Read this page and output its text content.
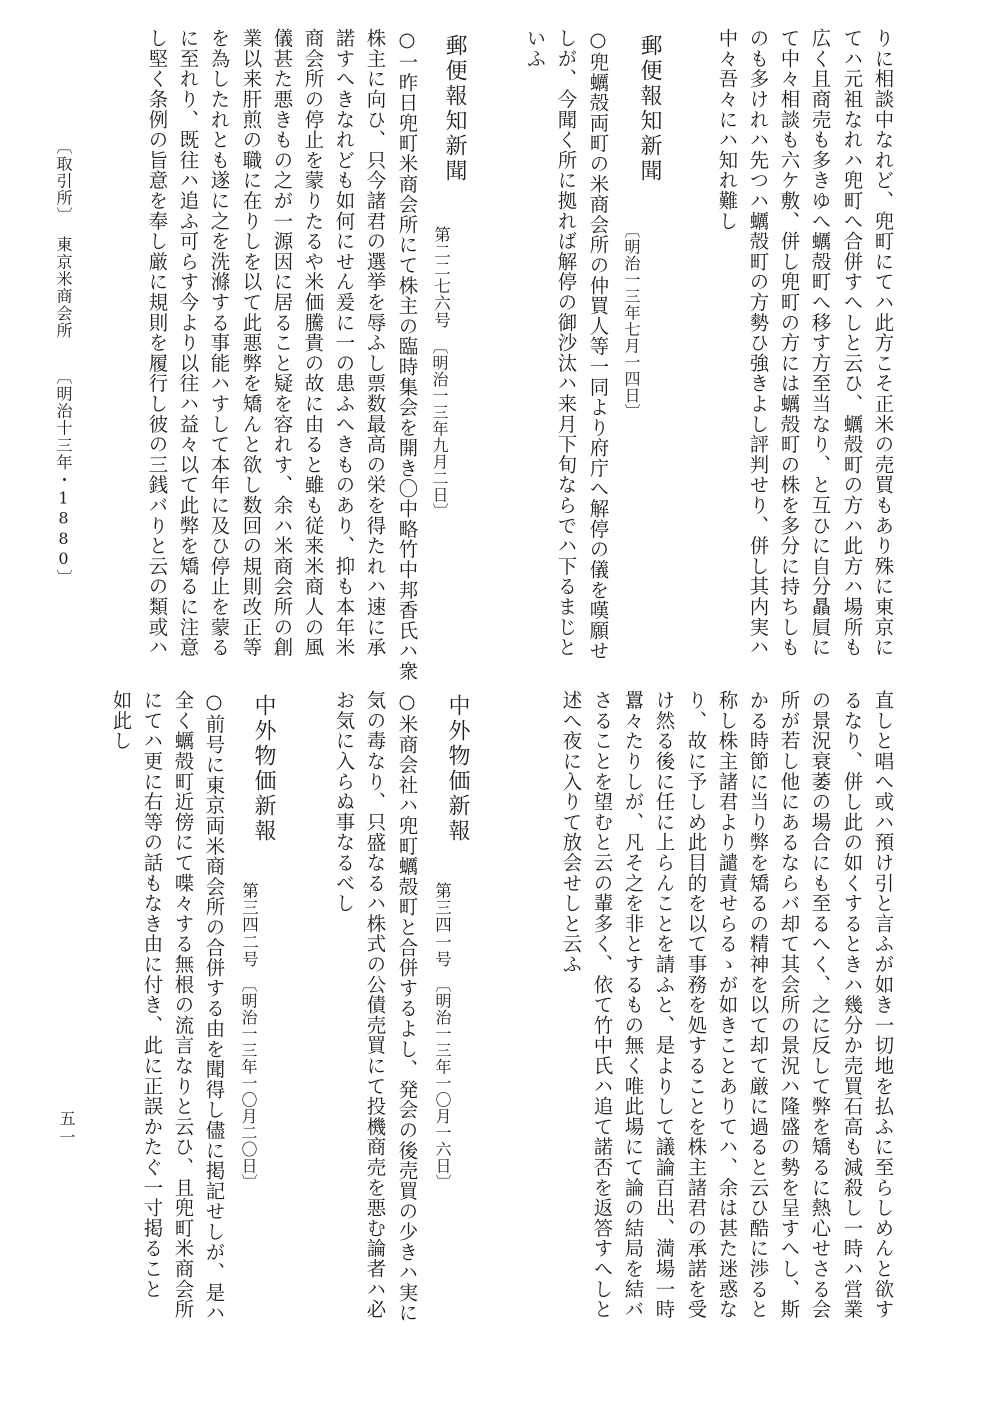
りに相談中なれど、兜町にてハ此方こそ正米の売買もあり殊に東京に
てハ元祖なれハ兜町へ合併すへしと云ひ、蠣殻町の方ハ此方ハ場所も
広く且商売も多きゆへ蠣殻町へ移す方至当なり、と互ひに自分贔屓に
て中々相談も六ケ敷、併し兜町の方には蠣殻町の株を多分に持ちしも
のも多けれハ先つハ蠣殻町の方勢ひ強きよし評判せり、併し其内実ハ
中々吾々にハ知れ難し
郵便報知新聞
〔明治一三年七月一四日〕
○兜蠣殻両町の米商会所の仲買人等一同より府庁へ解停の儀を嘆願せ
しが、今聞く所に拠れば解停の御沙汰ハ来月下旬ならでハ下るまじと
いふ
郵便報知新聞
第二二七六号
〔明治一三年九月二日〕
○一昨日兜町米商会所にて株主の臨時集会を開き〇中略竹中邦香氏ハ衆
株主に向ひ、只今諸君の選挙を辱ふし票数最高の栄を得たれハ速に承
諾すへきなれども如何にせん爰に一の患ふへきものあり、抑も本年米
商会所の停止を蒙りたるや米価騰貴の故に由ると雖も従来米商人の風
儀甚た悪きもの之が一源因に居ること疑を容れす、余ハ米商会所の創
業以来肝煎の職に在りしを以て此悪弊を矯んと欲し数回の規則改正等
を為したれとも遂に之を洗滌する事能ハすして本年に及ひ停止を蒙る
に至れり、既往ハ追ふ可らす今より以往ハ益々以て此弊を矯るに注意
し堅く条例の旨意を奉し厳に規則を履行し彼の三銭バりと云の類或ハ
直しと唱へ或ハ預け引と言ふが如き一切地を払ふに至らしめんと欲す
るなり、併し此の如くするときハ幾分か売買石高も減殺し一時ハ営業
の景況衰萎の場合にも至るへく、之に反して弊を矯るに熱心せさる会
所が若し他にあるならバ却て其会所の景況ハ隆盛の勢を呈すへし、斯
かる時節に当り弊を矯るの精神を以て却て厳に過ると云ひ酷に渉ると
称し株主諸君より譴責せらるゝが如きことありてハ、余は甚た迷惑な
り、故に予しめ此目的を以て事務を処することを株主諸君の承諾を受
け然る後に任に上らんことを請ふと、是よりして議論百出、満場一時
囂々たりしが、凡そ之を非とするもの無く唯此場にて論の結局を結バ
さることを望むと云の輩多く、依て竹中氏ハ追て諾否を返答すへしと
述へ夜に入りて放会せしと云ふ
中外物価新報
第三四一号
〔明治一三年一〇月一六日〕
○米商会社ハ兜町蠣殻町と合併するよし、発会の後売買の少きハ実に
気の毒なり、只盛なるハ株式の公債売買にて投機商売を悪む論者ハ必
お気に入らぬ事なるべし
中外物価新報
第三四二号
〔明治一三年一〇月二〇日〕
○前号に東京両米商会所の合併する由を聞得し儘に掲記せしが、是ハ
全く蠣殻町近傍にて喋々する無根の流言なりと云ひ、且兜町米商会所
にてハ更に右等の話もなき由に付き、此に正誤かたぐ一寸掲ること
如此し
〔取引所〕
東京米商会所
〔明治十三年・1880〕
五一
